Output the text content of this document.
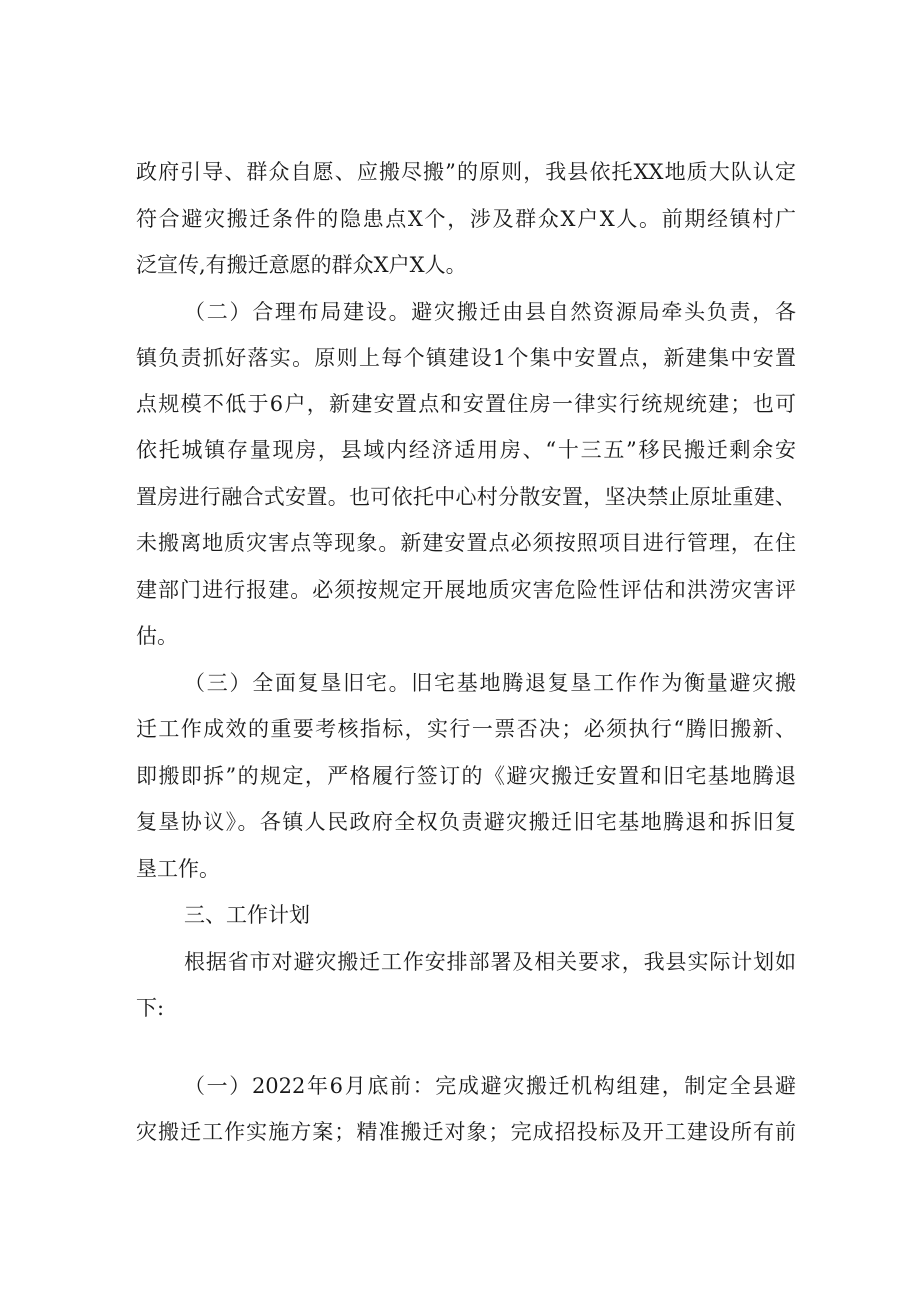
政府引导、群众自愿、应搬尽搬”的原则，我县依托XX地质大队认定
符合避灾搬迁条件的隐患点X个，涉及群众X户X人。前期经镇村广
泛宣传,有搬迁意愿的群众X户X人。
（二）合理布局建设。避灾搬迁由县自然资源局牵头负责，各
镇负责抓好落实。原则上每个镇建设1个集中安置点，新建集中安置
点规模不低于6户，新建安置点和安置住房一律实行统规统建；也可
依托城镇存量现房，县域内经济适用房、“十三五”移民搬迁剩余安
置房进行融合式安置。也可依托中心村分散安置，坚决禁止原址重建、
未搬离地质灾害点等现象。新建安置点必须按照项目进行管理，在住
建部门进行报建。必须按规定开展地质灾害危险性评估和洪涝灾害评
估。
（三）全面复垦旧宅。旧宅基地腾退复垦工作作为衡量避灾搬
迁工作成效的重要考核指标，实行一票否决；必须执行“腾旧搬新、
即搬即拆”的规定，严格履行签订的《避灾搬迁安置和旧宅基地腾退
复垦协议》。各镇人民政府全权负责避灾搬迁旧宅基地腾退和拆旧复
垦工作。
三、工作计划
根据省市对避灾搬迁工作安排部署及相关要求，我县实际计划如
下:
（一）2022年6月底前：完成避灾搬迁机构组建，制定全县避
灾搬迁工作实施方案；精准搬迁对象；完成招投标及开工建设所有前
